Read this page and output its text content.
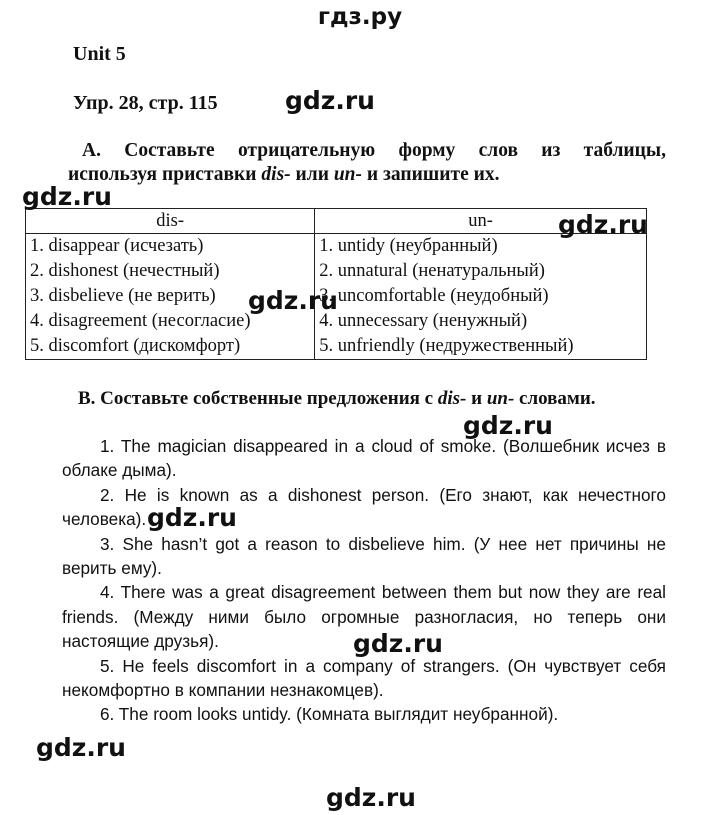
гдз.ру
Unit 5
Упр. 28, стр. 115
А. Составьте отрицательную форму слов из таблицы,
используя приставки dis- или un- и запишите их.
dis-	un-
1. disappear (исчезать)	1. untidy (неубранный)
2. dishonest (нечестный)	2. unnatural (ненатуральный)
3. disbelieve (не верить)	3. uncomfortable (неудобный)
4. disagreement (несогласие)	4. unnecessary (ненужный)
5. discomfort (дискомфорт)	5. unfriendly (недружественный)
В. Составьте собственные предложения с dis- и un- словами.

1. The magician disappeared in a cloud of smoke. (Волшебник исчез в облаке дыма).

2. He is known as a dishonest person. (Его знают, как нечестного человека).

3. She hasn’t got a reason to disbelieve him. (У нее нет причины не верить ему).

4. There was a great disagreement between them but now they are real friends. (Между ними было огромные разногласия, но теперь они настоящие друзья).

5. He feels discomfort in a company of strangers. (Он чувствует себя некомфортно в компании незнакомцев).

6. The room looks untidy. (Комната выглядит неубранной).

gdz.ru
gdz.ru
gdz.ru
gdz.ru
gdz.ru
gdz.ru
gdz.ru
gdz.ru
gdz.ru
